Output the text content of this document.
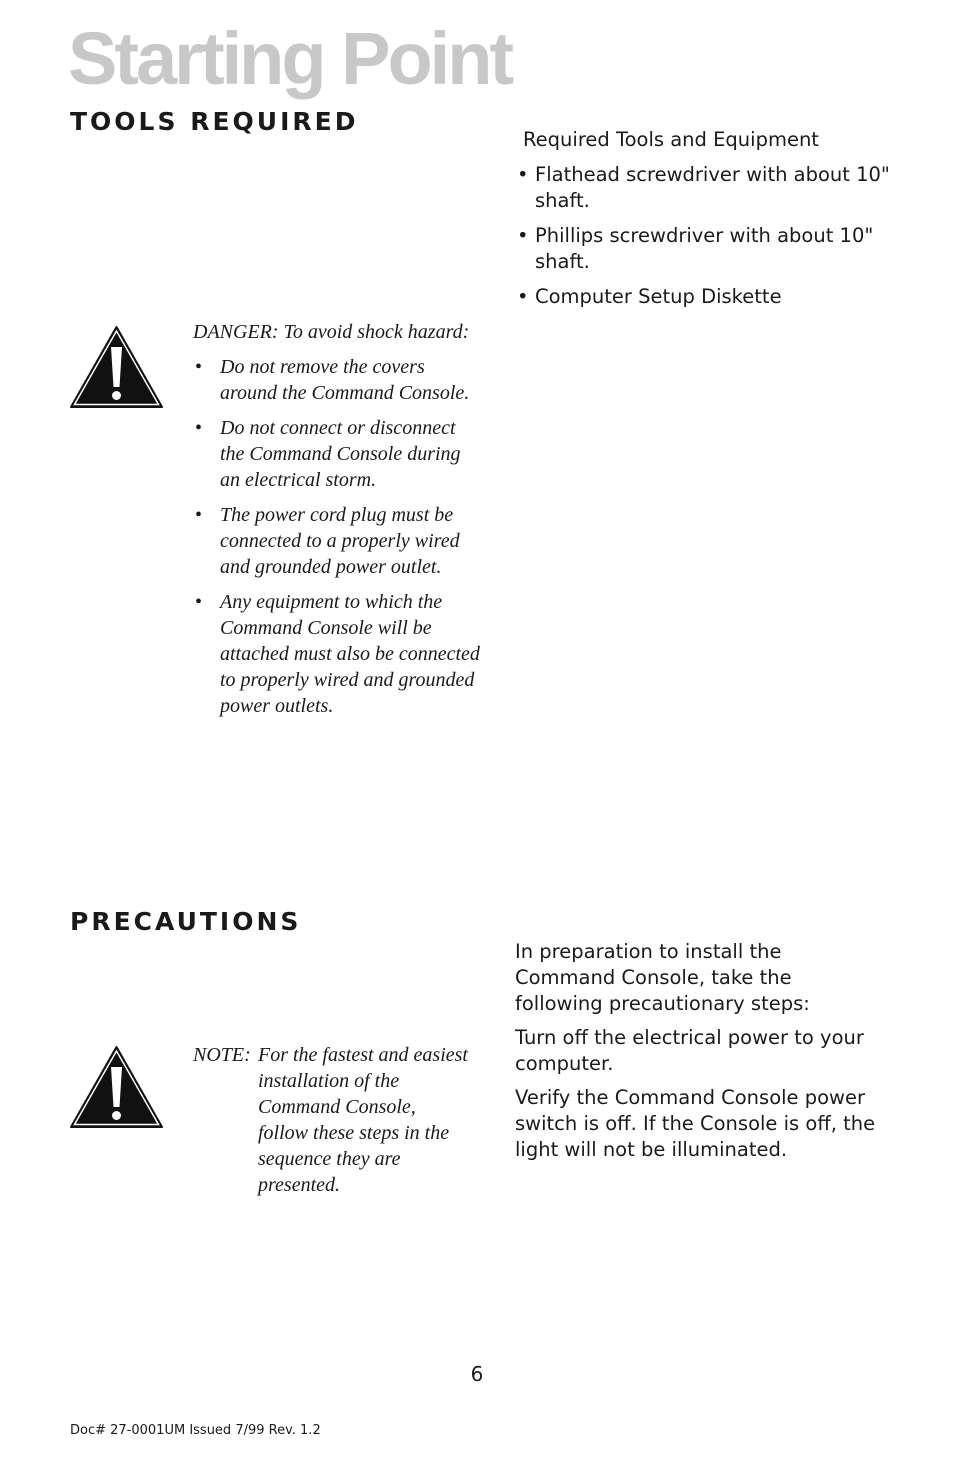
Starting Point
TOOLS REQUIRED

Required Tools and Equipment

• Flathead screwdriver with about 10" shaft.
• Phillips screwdriver with about 10" shaft.
• Computer Setup Diskette

DANGER: To avoid shock hazard:

• Do not remove the covers around the Command Console.
• Do not connect or disconnect the Command Console during an electrical storm.
• The power cord plug must be connected to a properly wired and grounded power outlet.
• Any equipment to which the Command Console will be attached must also be connected to properly wired and grounded power outlets.
PRECAUTIONS

In preparation to install the Command Console, take the following precautionary steps:

Turn off the electrical power to your computer.

Verify the Command Console power switch is off. If the Console is off, the light will not be illuminated.

NOTE: For the fastest and easiest installation of the Command Console, follow these steps in the sequence they are presented.
6
Doc# 27-0001UM Issued 7/99 Rev. 1.2
